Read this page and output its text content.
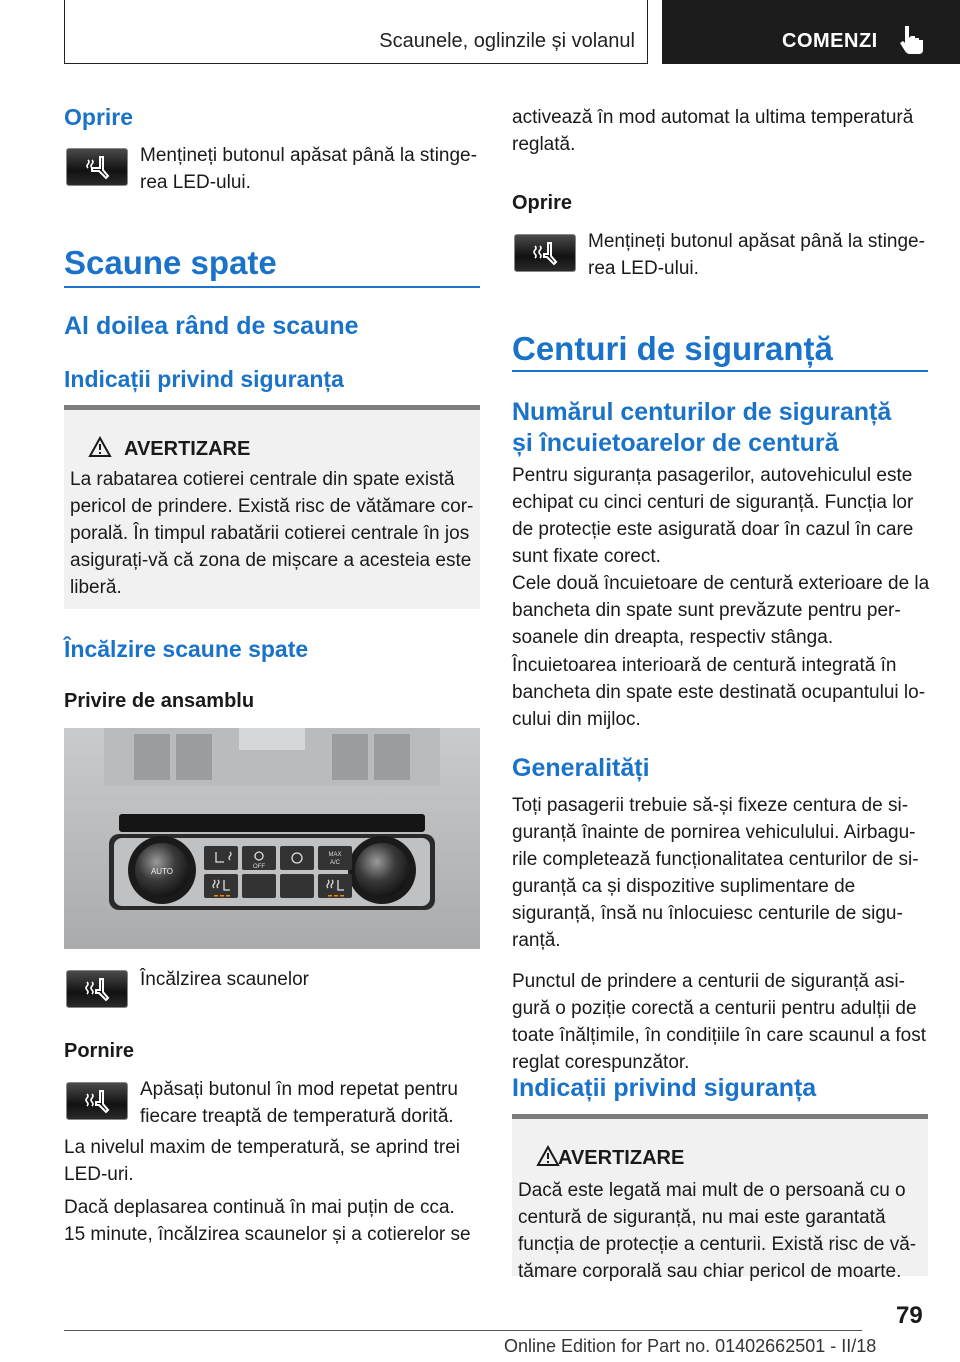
Scaunele, oglinzile și volanul	COMENZI
Oprire
Mențineți butonul apăsat până la stinge‐
rea LED-ului.
Scaune spate
Al doilea rând de scaune
Indicații privind siguranța
AVERTIZARE
La rabatarea cotierei centrale din spate există
pericol de prindere. Există risc de vătămare cor‐
porală. În timpul rabatării cotierei centrale în jos
asigurați-vă că zona de mișcare a acesteia este
liberă.
Încălzire scaune spate
Privire de ansamblu
AUTO	OFF
MAX
A/C
Încălzirea scaunelor
Pornire
Apăsați butonul în mod repetat pentru
fiecare treaptă de temperatură dorită.
La nivelul maxim de temperatură, se aprind trei
LED-uri.
Dacă deplasarea continuă în mai puțin de cca.
15 minute, încălzirea scaunelor și a cotierelor se
activează în mod automat la ultima temperatură
reglată.
Oprire
Mențineți butonul apăsat până la stinge‐
rea LED-ului.
Centuri de siguranță
Numărul centurilor de siguranță
și încuietoarelor de centură
Pentru siguranța pasagerilor, autovehiculul este
echipat cu cinci centuri de siguranță. Funcția lor
de protecție este asigurată doar în cazul în care
sunt fixate corect.
Cele două încuietoare de centură exterioare de la
bancheta din spate sunt prevăzute pentru per‐
soanele din dreapta, respectiv stânga.
Încuietoarea interioară de centură integrată în
bancheta din spate este destinată ocupantului lo‐
cului din mijloc.
Generalități
Toți pasagerii trebuie să-și fixeze centura de si‐
guranță înainte de pornirea vehiculului. Airbagu‐
rile completează funcționalitatea centurilor de si‐
guranță ca și dispozitive suplimentare de
siguranță, însă nu înlocuiesc centurile de sigu‐
ranță.
Punctul de prindere a centurii de siguranță asi‐
gură o poziție corectă a centurii pentru adulții de
toate înălțimile, în condițiile în care scaunul a fost
reglat corespunzător.
Indicații privind siguranța
AVERTIZARE
Dacă este legată mai mult de o persoană cu o
centură de siguranță, nu mai este garantată
funcția de protecție a centurii. Există risc de vă‐
tămare corporală sau chiar pericol de moarte.
79
Online Edition for Part no. 01402662501 - II/18
